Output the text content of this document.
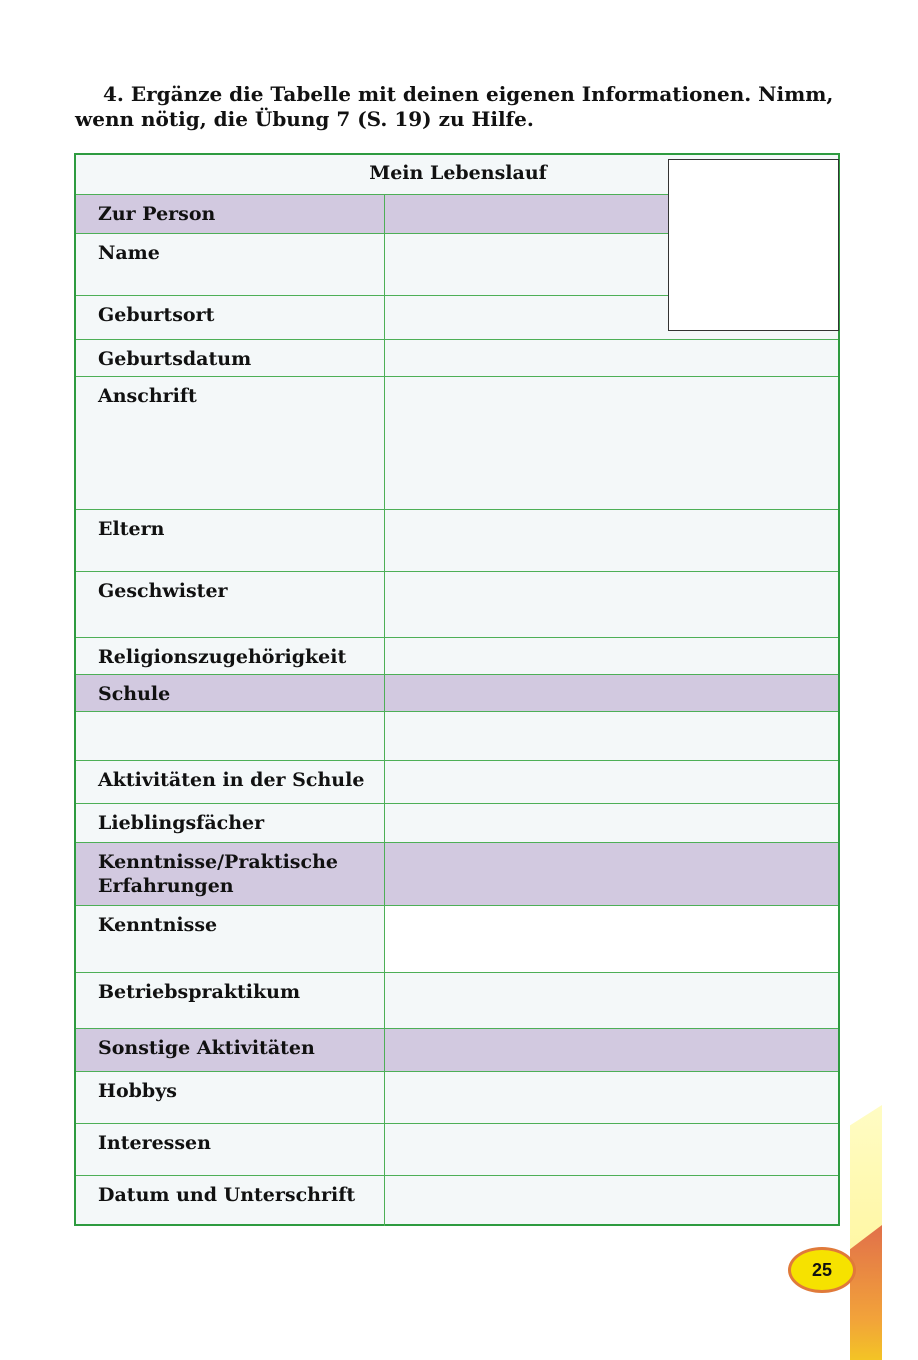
4. Ergänze die Tabelle mit deinen eigenen Informationen. Nimm,
wenn nötig, die Übung 7 (S. 19) zu Hilfe.
Mein Lebenslauf
Zur Person
Name
Geburtsort
Geburtsdatum
Anschrift
Eltern
Geschwister
Religionszugehörigkeit
Schule
Aktivitäten in der Schule
Lieblingsfächer
Kenntnisse/Praktische Erfahrungen
Kenntnisse
Betriebspraktikum
Sonstige Aktivitäten
Hobbys
Interessen
Datum und Unterschrift
25
